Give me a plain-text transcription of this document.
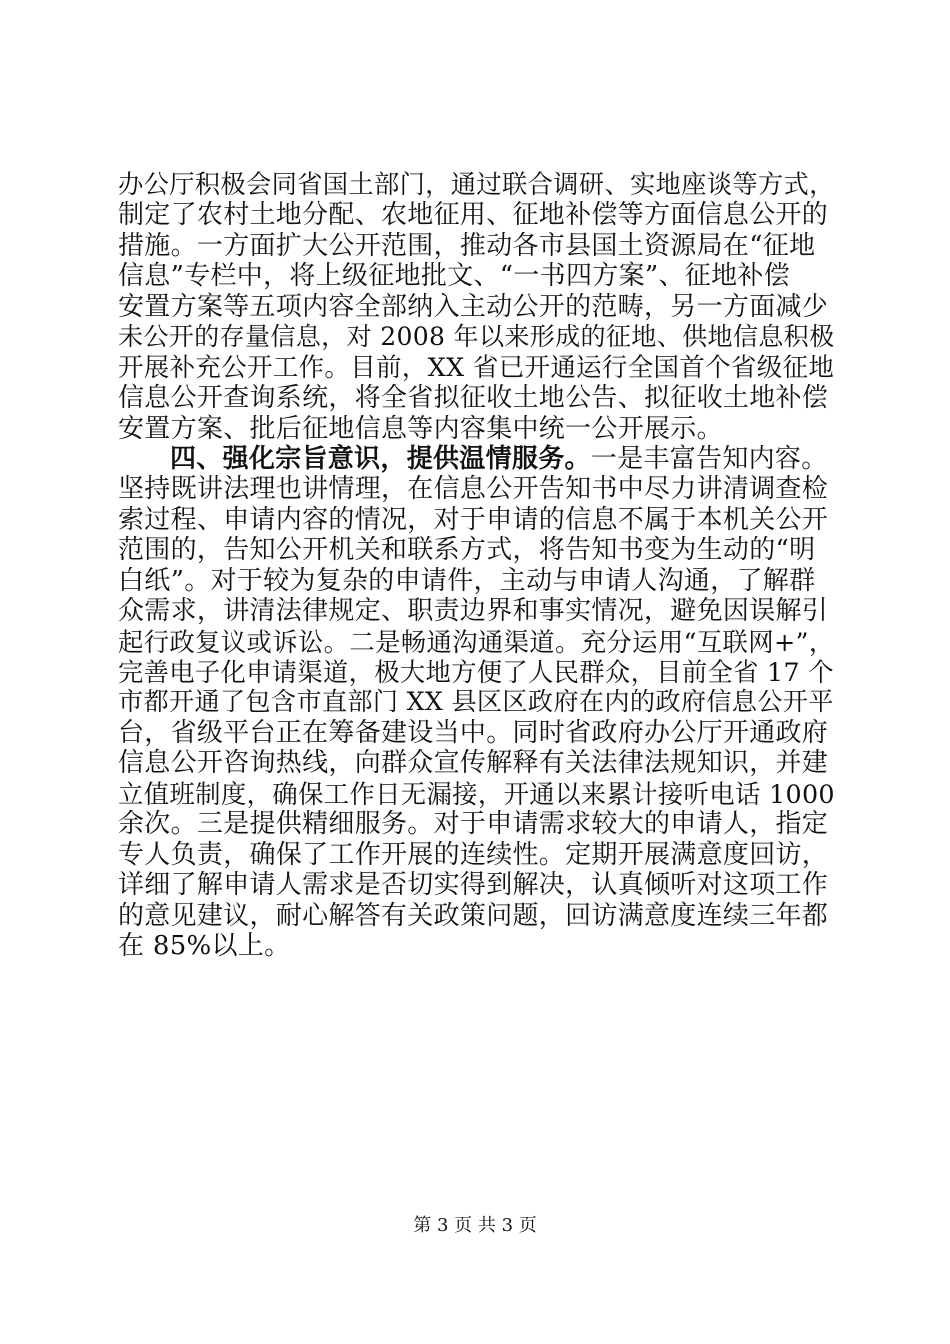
办公厅积极会同省国土部门，通过联合调研、实地座谈等方式，
制定了农村土地分配、农地征用、征地补偿等方面信息公开的
措施。一方面扩大公开范围，推动各市县国土资源局在“征地
信息”专栏中，将上级征地批文、“一书四方案”、征地补偿
安置方案等五项内容全部纳入主动公开的范畴，另一方面减少
未公开的存量信息，对 2008 年以来形成的征地、供地信息积极
开展补充公开工作。目前，XX 省已开通运行全国首个省级征地
信息公开查询系统，将全省拟征收土地公告、拟征收土地补偿
安置方案、批后征地信息等内容集中统一公开展示。
四、强化宗旨意识，提供温情服务。一是丰富告知内容。
坚持既讲法理也讲情理，在信息公开告知书中尽力讲清调查检
索过程、申请内容的情况，对于申请的信息不属于本机关公开
范围的，告知公开机关和联系方式，将告知书变为生动的“明
白纸”。对于较为复杂的申请件，主动与申请人沟通，了解群
众需求，讲清法律规定、职责边界和事实情况，避免因误解引
起行政复议或诉讼。二是畅通沟通渠道。充分运用“互联网+”，
完善电子化申请渠道，极大地方便了人民群众，目前全省 17 个
市都开通了包含市直部门 XX 县区区政府在内的政府信息公开平
台，省级平台正在筹备建设当中。同时省政府办公厅开通政府
信息公开咨询热线，向群众宣传解释有关法律法规知识，并建
立值班制度，确保工作日无漏接，开通以来累计接听电话 1000
余次。三是提供精细服务。对于申请需求较大的申请人，指定
专人负责，确保了工作开展的连续性。定期开展满意度回访，
详细了解申请人需求是否切实得到解决，认真倾听对这项工作
的意见建议，耐心解答有关政策问题，回访满意度连续三年都
在 85%以上。
第 3 页 共 3 页
